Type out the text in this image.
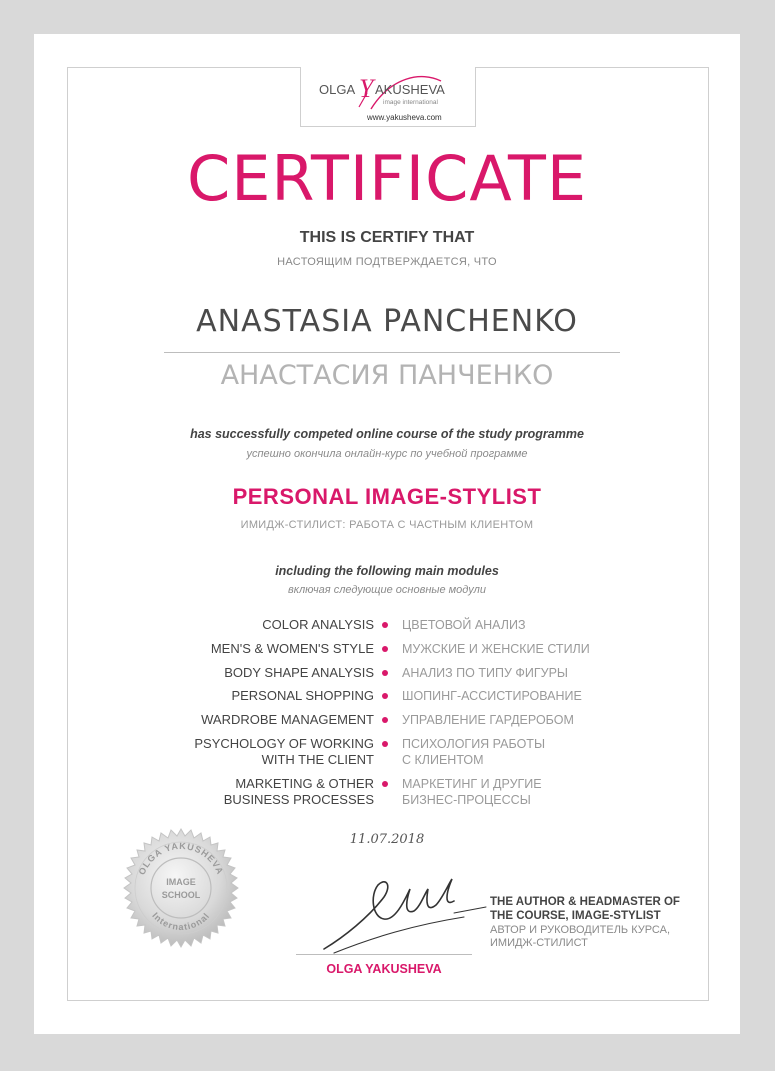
OLGA Y AKUSHEVA
image international
www.yakusheva.com
CERTIFICATE
THIS IS CERTIFY THAT
НАСТОЯЩИМ ПОДТВЕРЖДАЕТСЯ, ЧТО
ANASTASIA PANCHENKO
АНАСТАСИЯ ПАНЧЕНКО
has successfully competed online course of the study programme
успешно окончила онлайн-курс по учебной программе
PERSONAL IMAGE-STYLIST
ИМИДЖ-СТИЛИСТ: РАБОТА С ЧАСТНЫМ КЛИЕНТОМ
including the following main modules
включая следующие основные модули
COLOR ANALYSIS ЦВЕТОВОЙ АНАЛИЗ
MEN'S & WOMEN'S STYLE МУЖСКИЕ И ЖЕНСКИЕ СТИЛИ
BODY SHAPE ANALYSIS АНАЛИЗ ПО ТИПУ ФИГУРЫ
PERSONAL SHOPPING ШОПИНГ-АССИСТИРОВАНИЕ
WARDROBE MANAGEMENT УПРАВЛЕНИЕ ГАРДЕРОБОМ
PSYCHOLOGY OF WORKING
WITH THE CLIENT
ПСИХОЛОГИЯ РАБОТЫ
С КЛИЕНТОМ
MARKETING & OTHER
BUSINESS PROCESSES
МАРКЕТИНГ И ДРУГИЕ
БИЗНЕС-ПРОЦЕССЫ
11.07.2018
OLGA YAKUSHEVA
International
IMAGE
SCHOOL
OLGA YAKUSHEVA
THE AUTHOR & HEADMASTER OF
THE COURSE, IMAGE-STYLIST
АВТОР И РУКОВОДИТЕЛЬ КУРСА,
ИМИДЖ-СТИЛИСТ
